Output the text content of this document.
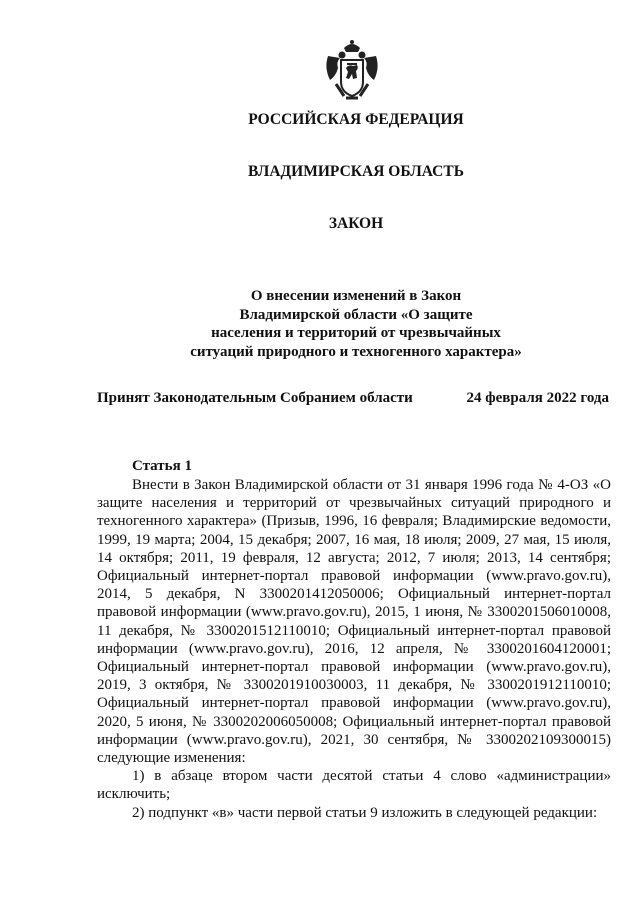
РОССИЙСКАЯ ФЕДЕРАЦИЯ
ВЛАДИМИРСКАЯ ОБЛАСТЬ
ЗАКОН
О внесении изменений в Закон
Владимирской области «О защите
населения и территорий от чрезвычайных
ситуаций природного и техногенного характера»
Принят Законодательным Собранием области	24 февраля 2022 года
Статья 1

Внести в Закон Владимирской области от 31 января 1996 года № 4-ОЗ «О защите населения и территорий от чрезвычайных ситуаций природного и техногенного характера» (Призыв, 1996, 16 февраля; Владимирские ведомости, 1999, 19 марта; 2004, 15 декабря; 2007, 16 мая, 18 июля; 2009, 27 мая, 15 июля, 14 октября; 2011, 19 февраля, 12 августа; 2012, 7 июля; 2013, 14 сентября; Официальный интернет-портал правовой информации (www.pravo.gov.ru), 2014, 5 декабря, N 3300201412050006; Официальный интернет-портал правовой информации (www.pravo.gov.ru), 2015, 1 июня, № 3300201506010008, 11 декабря, № 3300201512110010; Официальный интернет-портал правовой информации (www.pravo.gov.ru), 2016, 12 апреля, № 3300201604120001; Официальный интернет-портал правовой информации (www.pravo.gov.ru), 2019, 3 октября, № 3300201910030003, 11 декабря, № 3300201912110010; Официальный интернет-портал правовой информации (www.pravo.gov.ru), 2020, 5 июня, № 3300202006050008; Официальный интернет-портал правовой информации (www.pravo.gov.ru), 2021, 30 сентября, № 3300202109300015) следующие изменения:

1) в абзаце втором части десятой статьи 4 слово «администрации» исключить;

2) подпункт «в» части первой статьи 9 изложить в следующей редакции:
